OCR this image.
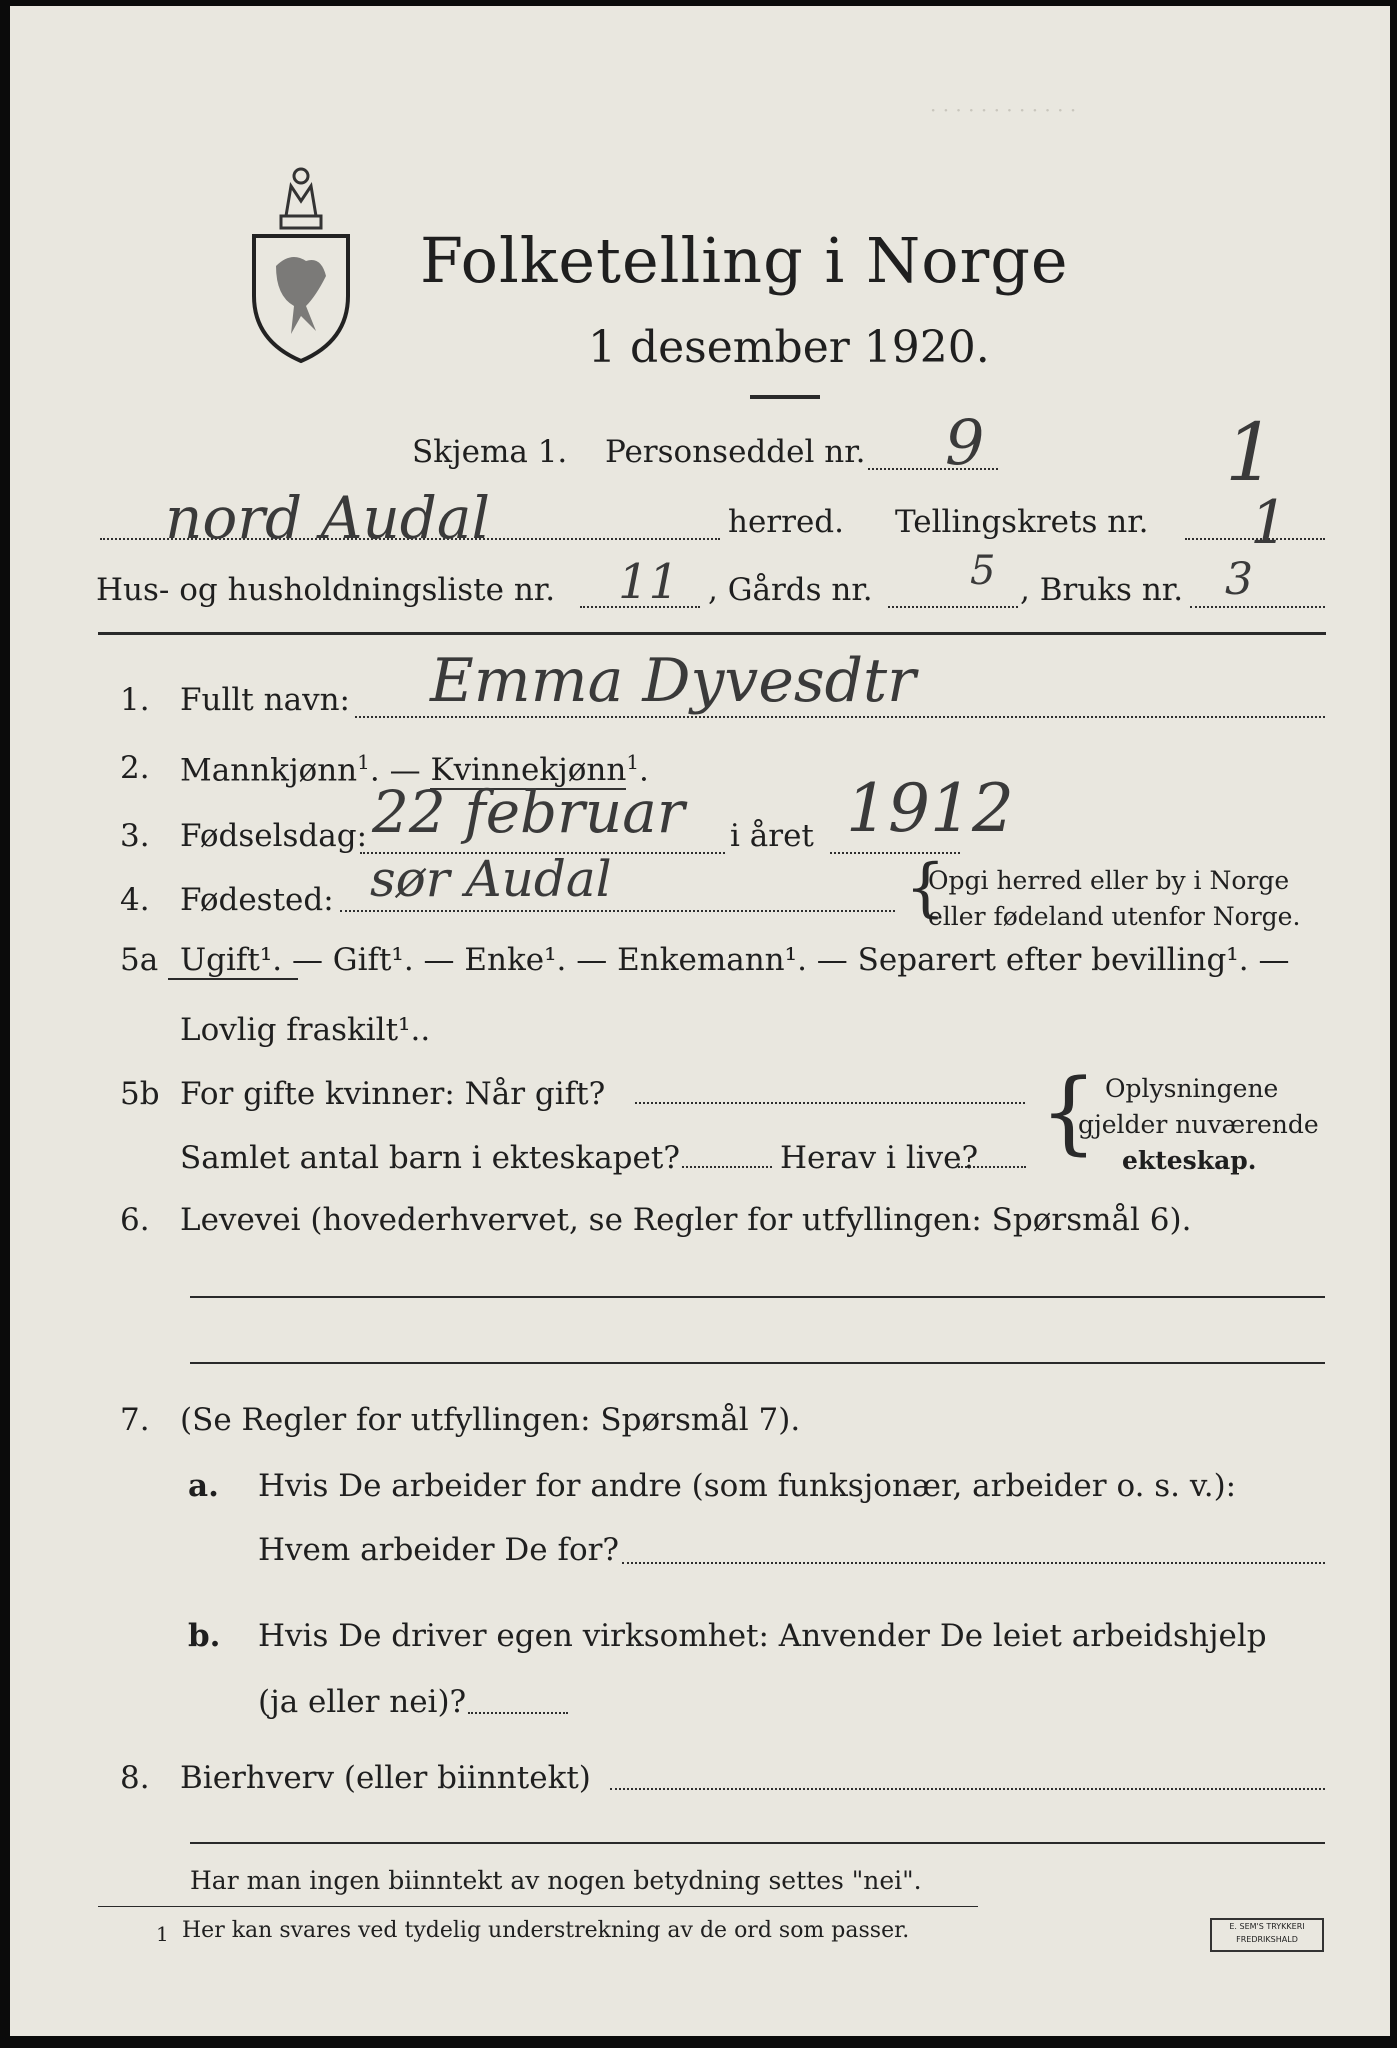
· · · · · · · · · · · ·
Folketelling i Norge
1 desember 1920.
Skjema 1. Personseddel nr. 9	1
nord Audal	herred. Tellingskrets nr. 1
Hus- og husholdningsliste nr. 11 , Gårds nr. 5 , Bruks nr. 3
1. Fullt navn: Emma Dyvesdtr
2. Mannkjønn$^1$. — Kvinnekjønn$^1$.
3. Fødselsdag: 22 februar i året 1912
4. Fødested: sør Audal	{
Opgi herred eller by i Norge
eller fødeland utenfor Norge.
5a Ugift¹. — Gift¹. — Enke¹. — Enkemann¹. — Separert efter bevilling¹. —
Lovlig fraskilt¹..
5b For gifte kvinner: Når gift?
Samlet antal barn i ekteskapet?	Herav i live? { Oplysningene
gjelder nuværende
ekteskap.
6. Levevei (hovederhvervet, se Regler for utfyllingen: Spørsmål 6).
7. (Se Regler for utfyllingen: Spørsmål 7).
a. Hvis De arbeider for andre (som funksjonær, arbeider o. s. v.):
Hvem arbeider De for?
b. Hvis De driver egen virksomhet: Anvender De leiet arbeidshjelp
(ja eller nei)?
8. Bierhverv (eller biinntekt)
Har man ingen biinntekt av nogen betydning settes "nei".
1 Her kan svares ved tydelig understrekning av de ord som passer.	E. SEM'S TRYKKERI
FREDRIKSHALD
